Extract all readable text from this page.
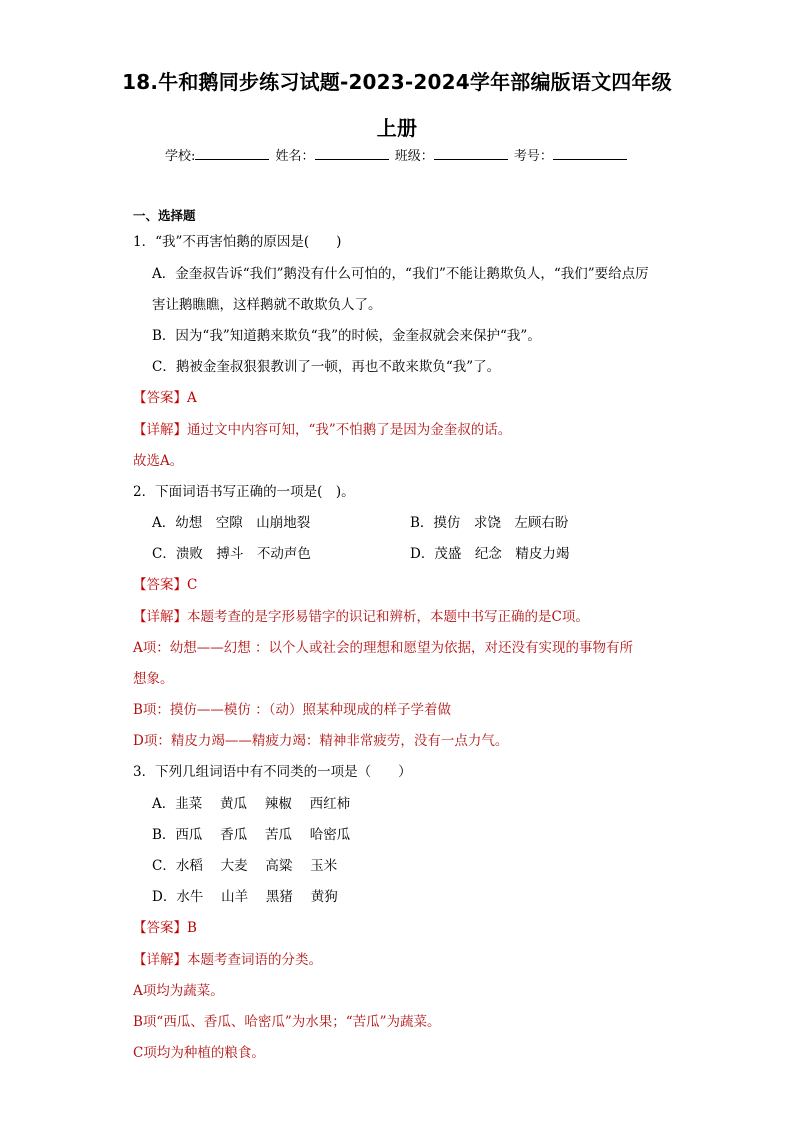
18.牛和鹅同步练习试题-2023-2024学年部编版语文四年级
上册
学校:	姓名：	班级：	考号：
一、选择题
1．“我”不再害怕鹅的原因是(　　)
A．金奎叔告诉“我们”鹅没有什么可怕的，“我们”不能让鹅欺负人，“我们”要给点厉
害让鹅瞧瞧，这样鹅就不敢欺负人了。
B．因为“我”知道鹅来欺负“我”的时候，金奎叔就会来保护“我”。
C．鹅被金奎叔狠狠教训了一顿，再也不敢来欺负“我”了。
【答案】A
【详解】通过文中内容可知，“我”不怕鹅了是因为金奎叔的话。
故选A。
2．下面词语书写正确的一项是(　)。
A．幼想　空隙　山崩地裂	B．摸仿　求饶　左顾右盼
C．溃败　搏斗　不动声色	D．茂盛　纪念　精皮力竭
【答案】C
【详解】本题考查的是字形易错字的识记和辨析，本题中书写正确的是C项。
A项：幼想——幻想 ：以个人或社会的理想和愿望为依据，对还没有实现的事物有所
想象。
B项：摸仿——模仿 ：（动）照某种现成的样子学着做
D项：精皮力竭——精疲力竭：精神非常疲劳，没有一点力气。
3．下列几组词语中有不同类的一项是（　　）
A．韭菜　 黄瓜　 辣椒　 西红柿
B．西瓜　 香瓜　 苦瓜　 哈密瓜
C．水稻　 大麦　 高粱　 玉米
D．水牛　 山羊　 黑猪　 黄狗
【答案】B
【详解】本题考查词语的分类。
A项均为蔬菜。
B项“西瓜、香瓜、哈密瓜”为水果；“苦瓜”为蔬菜。
C项均为种植的粮食。
